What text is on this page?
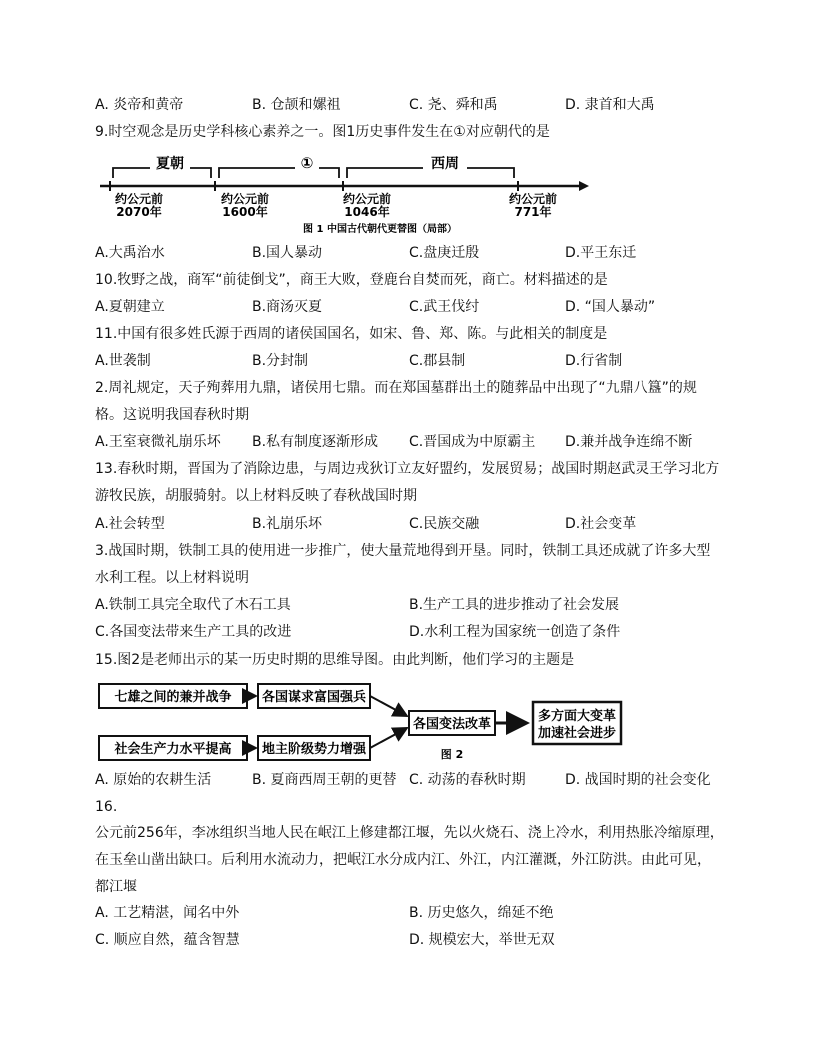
A. 炎帝和黄帝	B. 仓颉和嫘祖	C. 尧、舜和禹	D. 隶首和大禹
9.时空观念是历史学科核心素养之一。图1历史事件发生在①对应朝代的是
夏朝	①	西周
约公元前
2070年
约公元前
1600年
约公元前
1046年
约公元前
771年
图 1 中国古代朝代更替图（局部）
A.大禹治水	B.国人暴动	C.盘庚迁殷	D.平王东迁
10.牧野之战，商军“前徒倒戈”，商王大败，登鹿台自焚而死，商亡。材料描述的是
A.夏朝建立	B.商汤灭夏	C.武王伐纣	D. “国人暴动”
11.中国有很多姓氏源于西周的诸侯国国名，如宋、鲁、郑、陈。与此相关的制度是
A.世袭制	B.分封制	C.郡县制	D.行省制
2.周礼规定，天子殉葬用九鼎，诸侯用七鼎。而在郑国墓群出土的随葬品中出现了“九鼎八簋”的规
格。这说明我国春秋时期
A.王室衰微礼崩乐坏 B.私有制度逐渐形成 C.晋国成为中原霸主 D.兼并战争连绵不断
13.春秋时期，晋国为了消除边患，与周边戎狄订立友好盟约，发展贸易；战国时期赵武灵王学习北方
游牧民族，胡服骑射。以上材料反映了春秋战国时期
A.社会转型	B.礼崩乐坏	C.民族交融	D.社会变革
3.战国时期，铁制工具的使用进一步推广，使大量荒地得到开垦。同时，铁制工具还成就了许多大型
水利工程。以上材料说明
A.铁制工具完全取代了木石工具	B.生产工具的进步推动了社会发展
C.各国变法带来生产工具的改进	D.水利工程为国家统一创造了条件
15.图2是老师出示的某一历史时期的思维导图。由此判断，他们学习的主题是
七雄之间的兼并战争
社会生产力水平提高
各国谋求富国强兵
地主阶级势力增强
各国变法改革
多方面大变革
加速社会进步
图 2
A. 原始的农耕生活	B. 夏商西周王朝的更替 C. 动荡的春秋时期	D. 战国时期的社会变化
16.
公元前256年，李冰组织当地人民在岷江上修建都江堰，先以火烧石、浇上冷水，利用热胀冷缩原理，
在玉垒山凿出缺口。后利用水流动力，把岷江水分成内江、外江，内江灌溉，外江防洪。由此可见，
都江堰
A. 工艺精湛，闻名中外	B. 历史悠久，绵延不绝
C. 顺应自然，蕴含智慧	D. 规模宏大，举世无双
